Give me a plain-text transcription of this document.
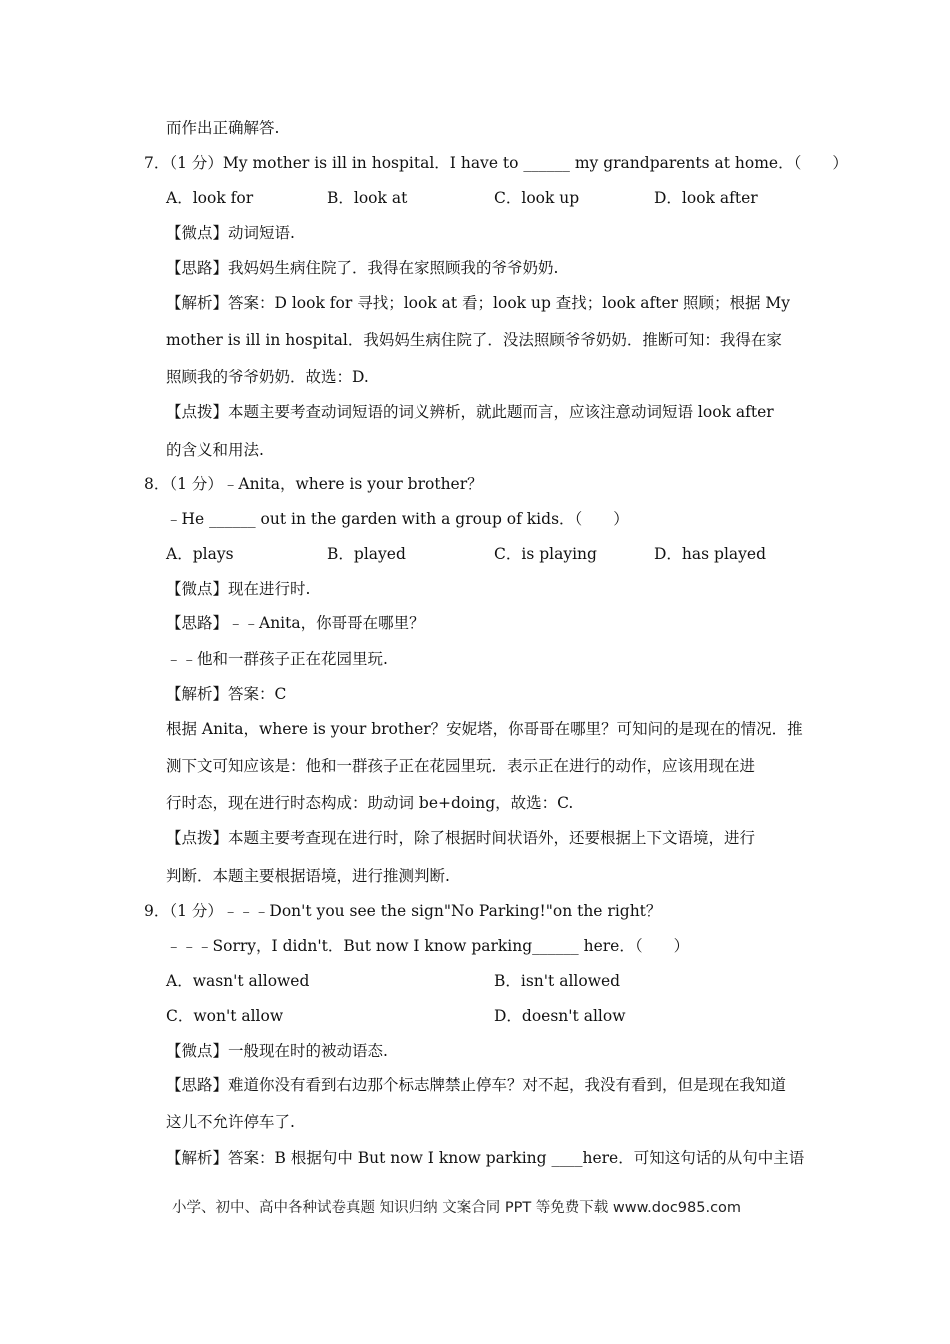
而作出正确解答.
7．（1 分）My mother is ill in hospital．I have to ______ my grandparents at home．（　　）
A．look for	B．look at	C．look up	D．look after
【微点】动词短语.
【思路】我妈妈生病住院了．我得在家照顾我的爷爷奶奶.
【解析】答案：D look for 寻找；look at 看；look up 查找；look after 照顾；根据 My
mother is ill in hospital．我妈妈生病住院了．没法照顾爷爷奶奶．推断可知：我得在家
照顾我的爷爷奶奶．故选：D.
【点拨】本题主要考查动词短语的词义辨析，就此题而言，应该注意动词短语 look after
的含义和用法.
8．（1 分）﹣Anita，where is your brother？
﹣He ______ out in the garden with a group of kids．（　　）
A．plays	B．played	C．is playing	D．has played
【微点】现在进行时.
【思路】﹣﹣Anita，你哥哥在哪里？
﹣﹣他和一群孩子正在花园里玩.
【解析】答案：C
根据 Anita，where is your brother？安妮塔，你哥哥在哪里？可知问的是现在的情况．推
测下文可知应该是：他和一群孩子正在花园里玩．表示正在进行的动作，应该用现在进
行时态，现在进行时态构成：助动词 be+doing，故选：C.
【点拨】本题主要考查现在进行时，除了根据时间状语外，还要根据上下文语境，进行
判断．本题主要根据语境，进行推测判断.
9．（1 分）﹣﹣﹣Don't you see the sign"No Parking!"on the right？
﹣﹣﹣Sorry，I didn't．But now I know parking______ here．（　　）
A．wasn't allowed	B．isn't allowed
C．won't allow	D．doesn't allow
【微点】一般现在时的被动语态.
【思路】难道你没有看到右边那个标志牌禁止停车？对不起，我没有看到，但是现在我知道
这儿不允许停车了.
【解析】答案：B 根据句中 But now I know parking ____here．可知这句话的从句中主语
小学、初中、高中各种试卷真题 知识归纳 文案合同 PPT 等免费下载 www.doc985.com
